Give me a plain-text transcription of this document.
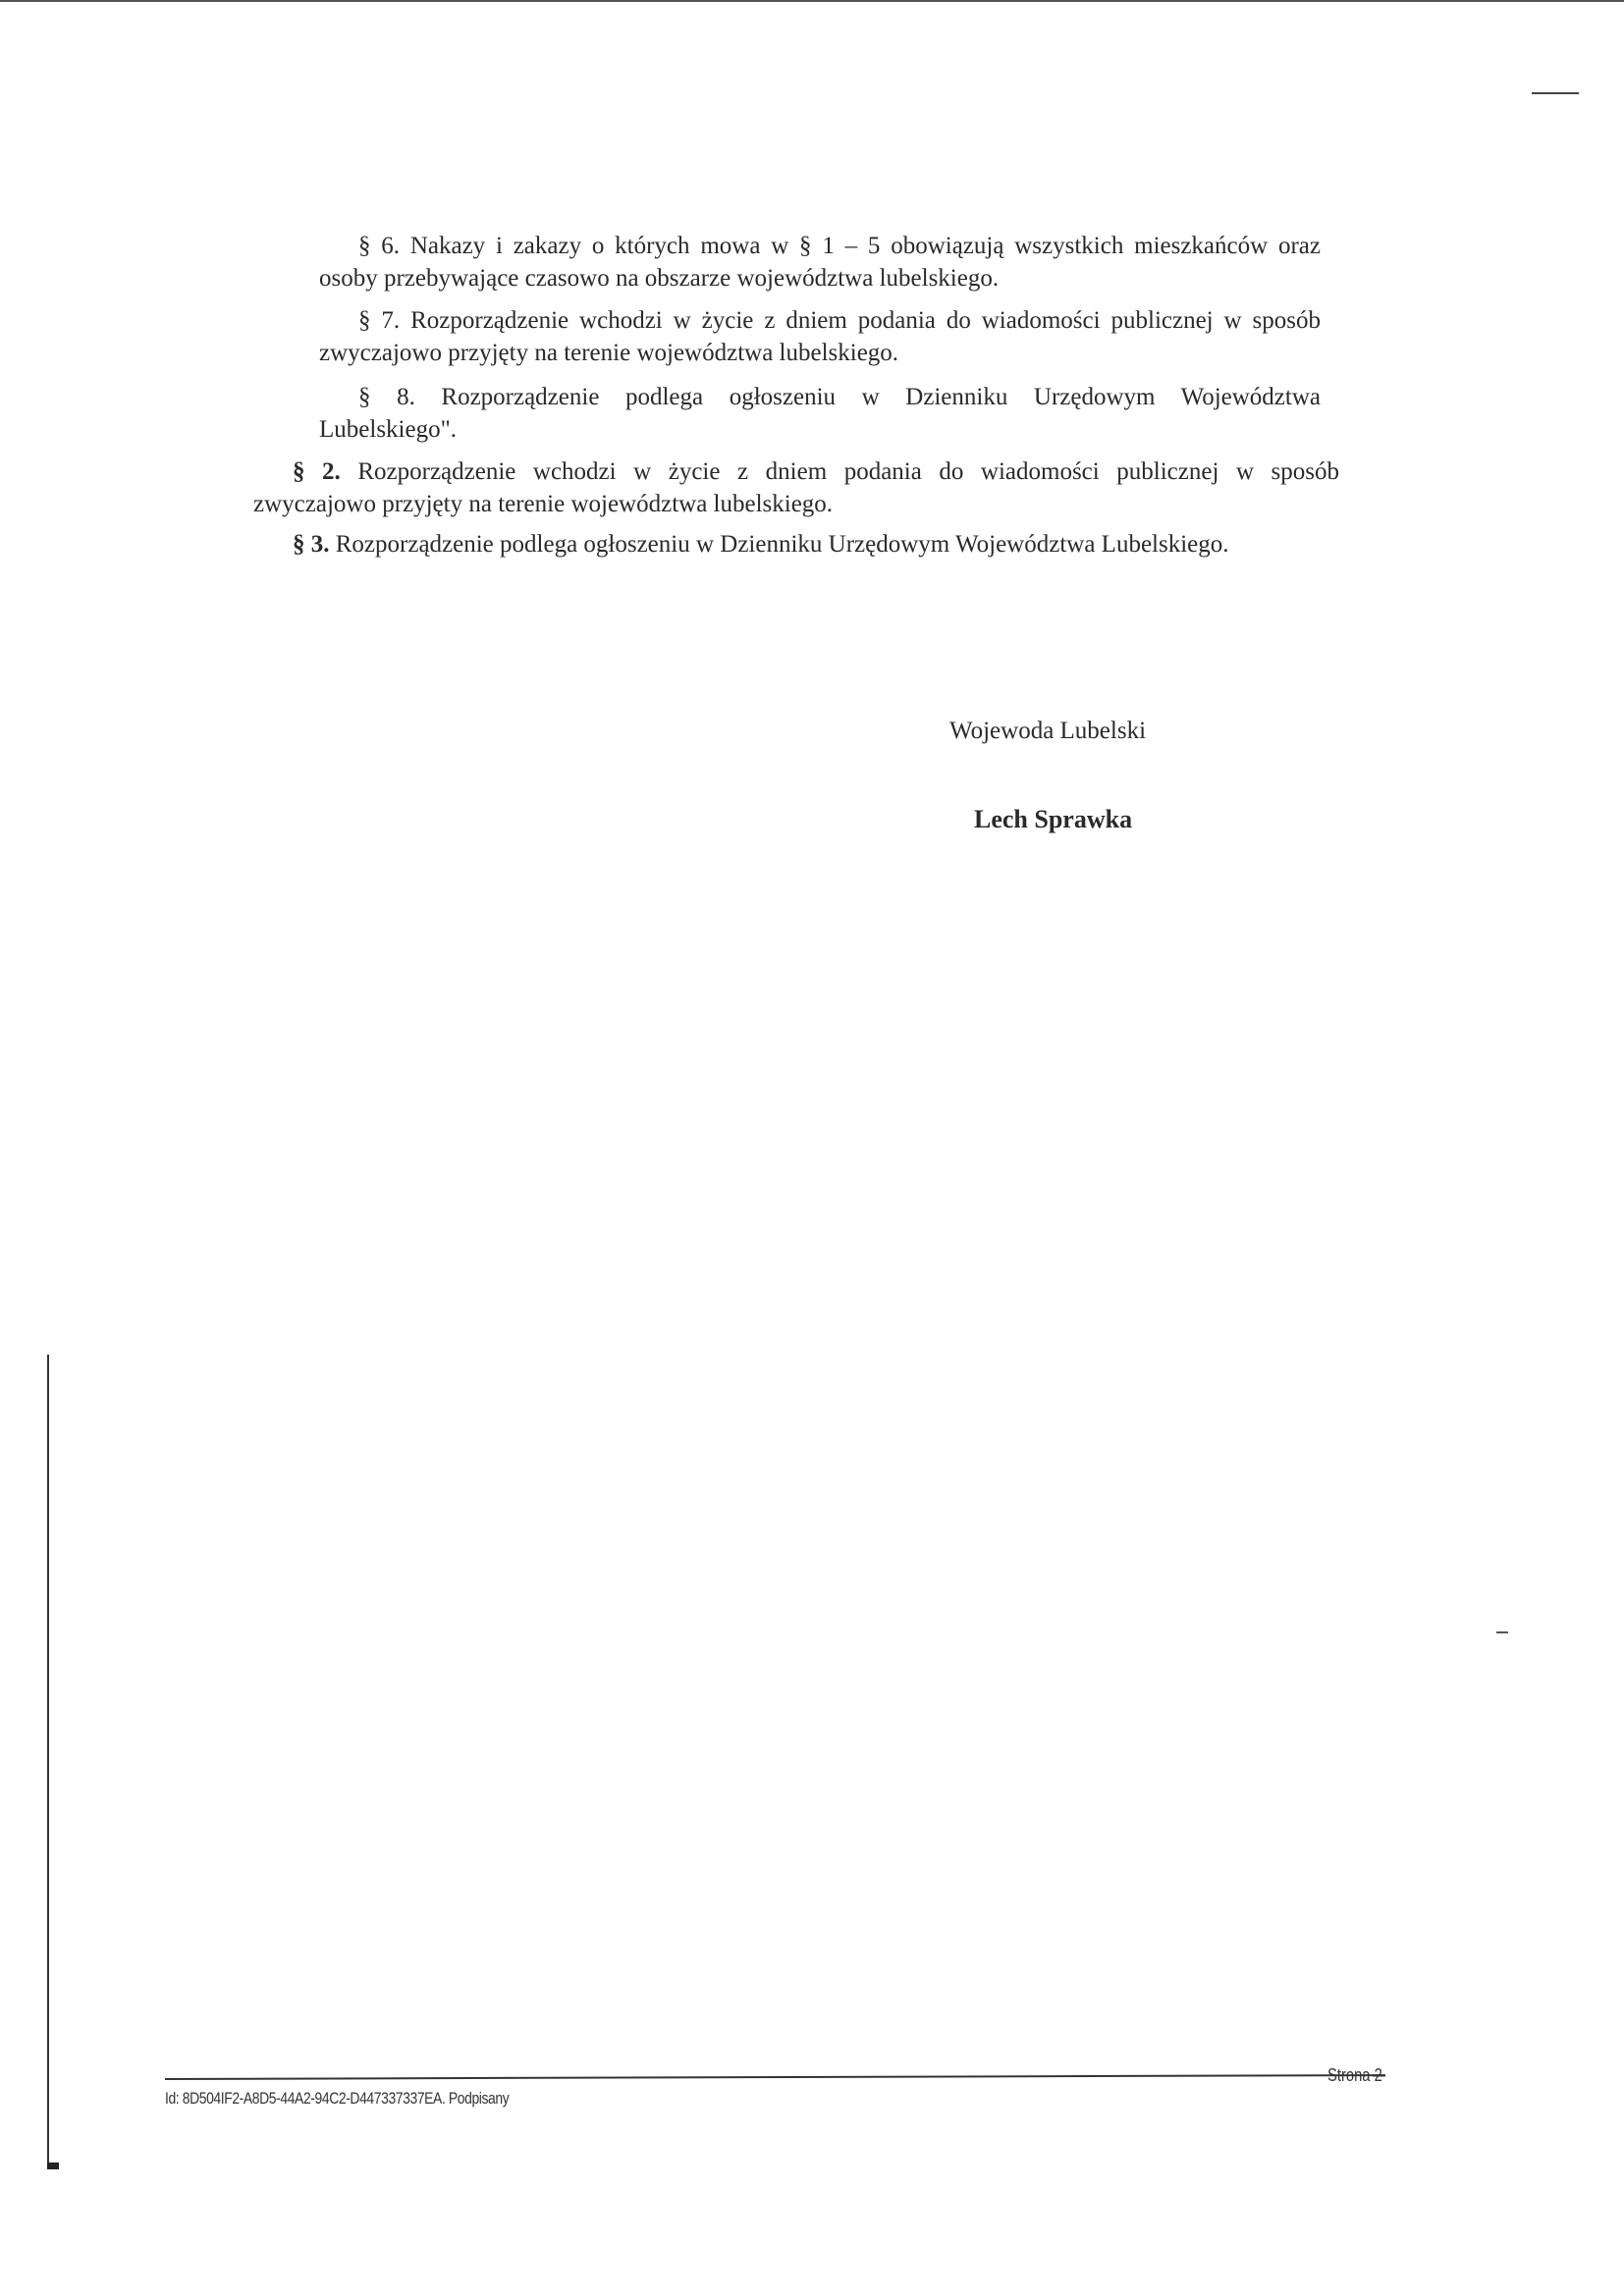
§ 6. Nakazy i zakazy o których mowa w § 1 – 5 obowiązują wszystkich mieszkańców oraz
osoby przebywające czasowo na obszarze województwa lubelskiego.
§ 7. Rozporządzenie wchodzi w życie z dniem podania do wiadomości publicznej w sposób
zwyczajowo przyjęty na terenie województwa lubelskiego.
§ 8. Rozporządzenie podlega ogłoszeniu w Dzienniku Urzędowym Województwa
Lubelskiego".
§ 2. Rozporządzenie wchodzi w życie z dniem podania do wiadomości publicznej w sposób
zwyczajowo przyjęty na terenie województwa lubelskiego.
§ 3. Rozporządzenie podlega ogłoszeniu w Dzienniku Urzędowym Województwa Lubelskiego.
Wojewoda Lubelski
Lech Sprawka
Id: 8D504IF2-A8D5-44A2-94C2-D447337337EA. Podpisany
Strona 2
